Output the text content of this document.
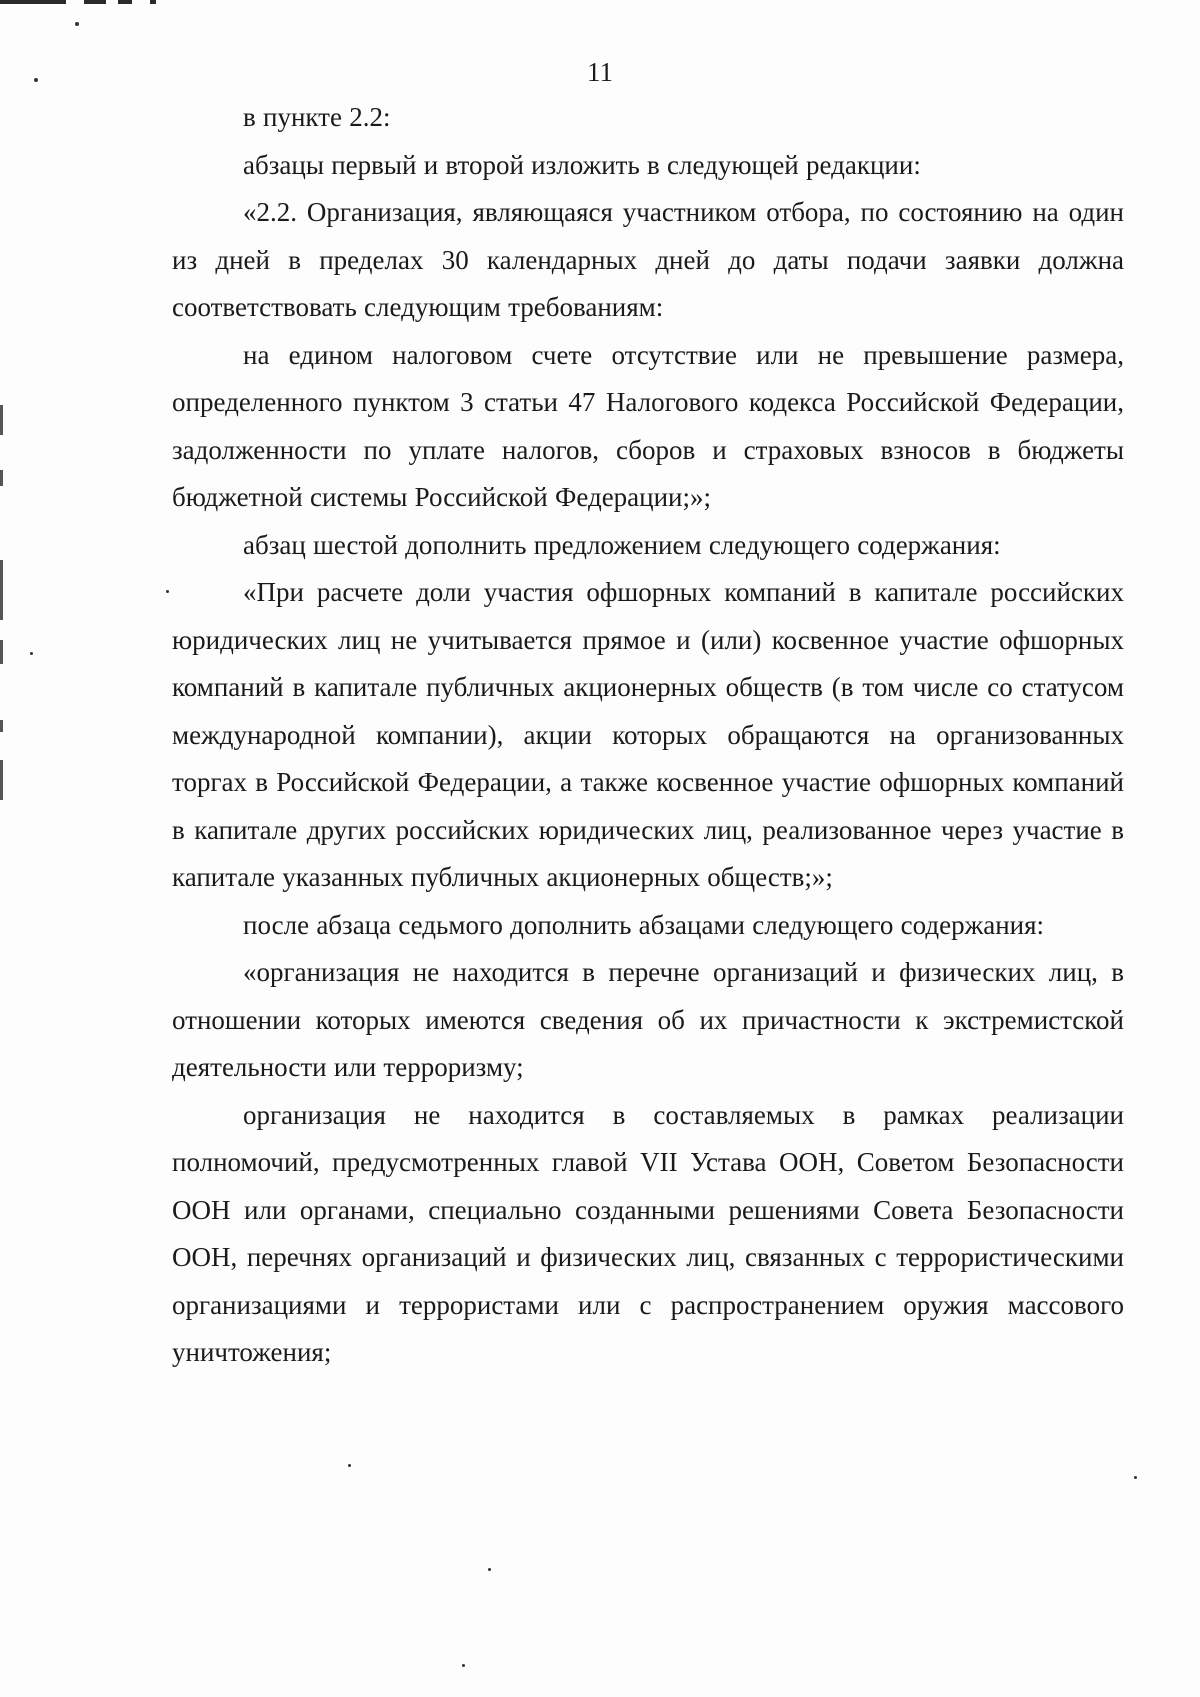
11

в пункте 2.2:

абзацы первый и второй изложить в следующей редакции:

«2.2. Организация, являющаяся участником отбора, по состоянию на один из дней в пределах 30 календарных дней до даты подачи заявки должна соответствовать следующим требованиям:

на едином налоговом счете отсутствие или не превышение размера, определенного пунктом 3 статьи 47 Налогового кодекса Российской Федерации, задолженности по уплате налогов, сборов и страховых взносов в бюджеты бюджетной системы Российской Федерации;»;

абзац шестой дополнить предложением следующего содержания:

«При расчете доли участия офшорных компаний в капитале российских юридических лиц не учитывается прямое и (или) косвенное участие офшорных компаний в капитале публичных акционерных обществ (в том числе со статусом международной компании), акции которых обращаются на организованных торгах в Российской Федерации, а также косвенное участие офшорных компаний в капитале других российских юридических лиц, реализованное через участие в капитале указанных публичных акционерных обществ;»;

после абзаца седьмого дополнить абзацами следующего содержания:

«организация не находится в перечне организаций и физических лиц, в отношении которых имеются сведения об их причастности к экстремистской деятельности или терроризму;

организация не находится в составляемых в рамках реализации полномочий, предусмотренных главой VII Устава ООН, Советом Безопасности ООН или органами, специально созданными решениями Совета Безопасности ООН, перечнях организаций и физических лиц, связанных с террористическими организациями и террористами или с распространением оружия массового уничтожения;
